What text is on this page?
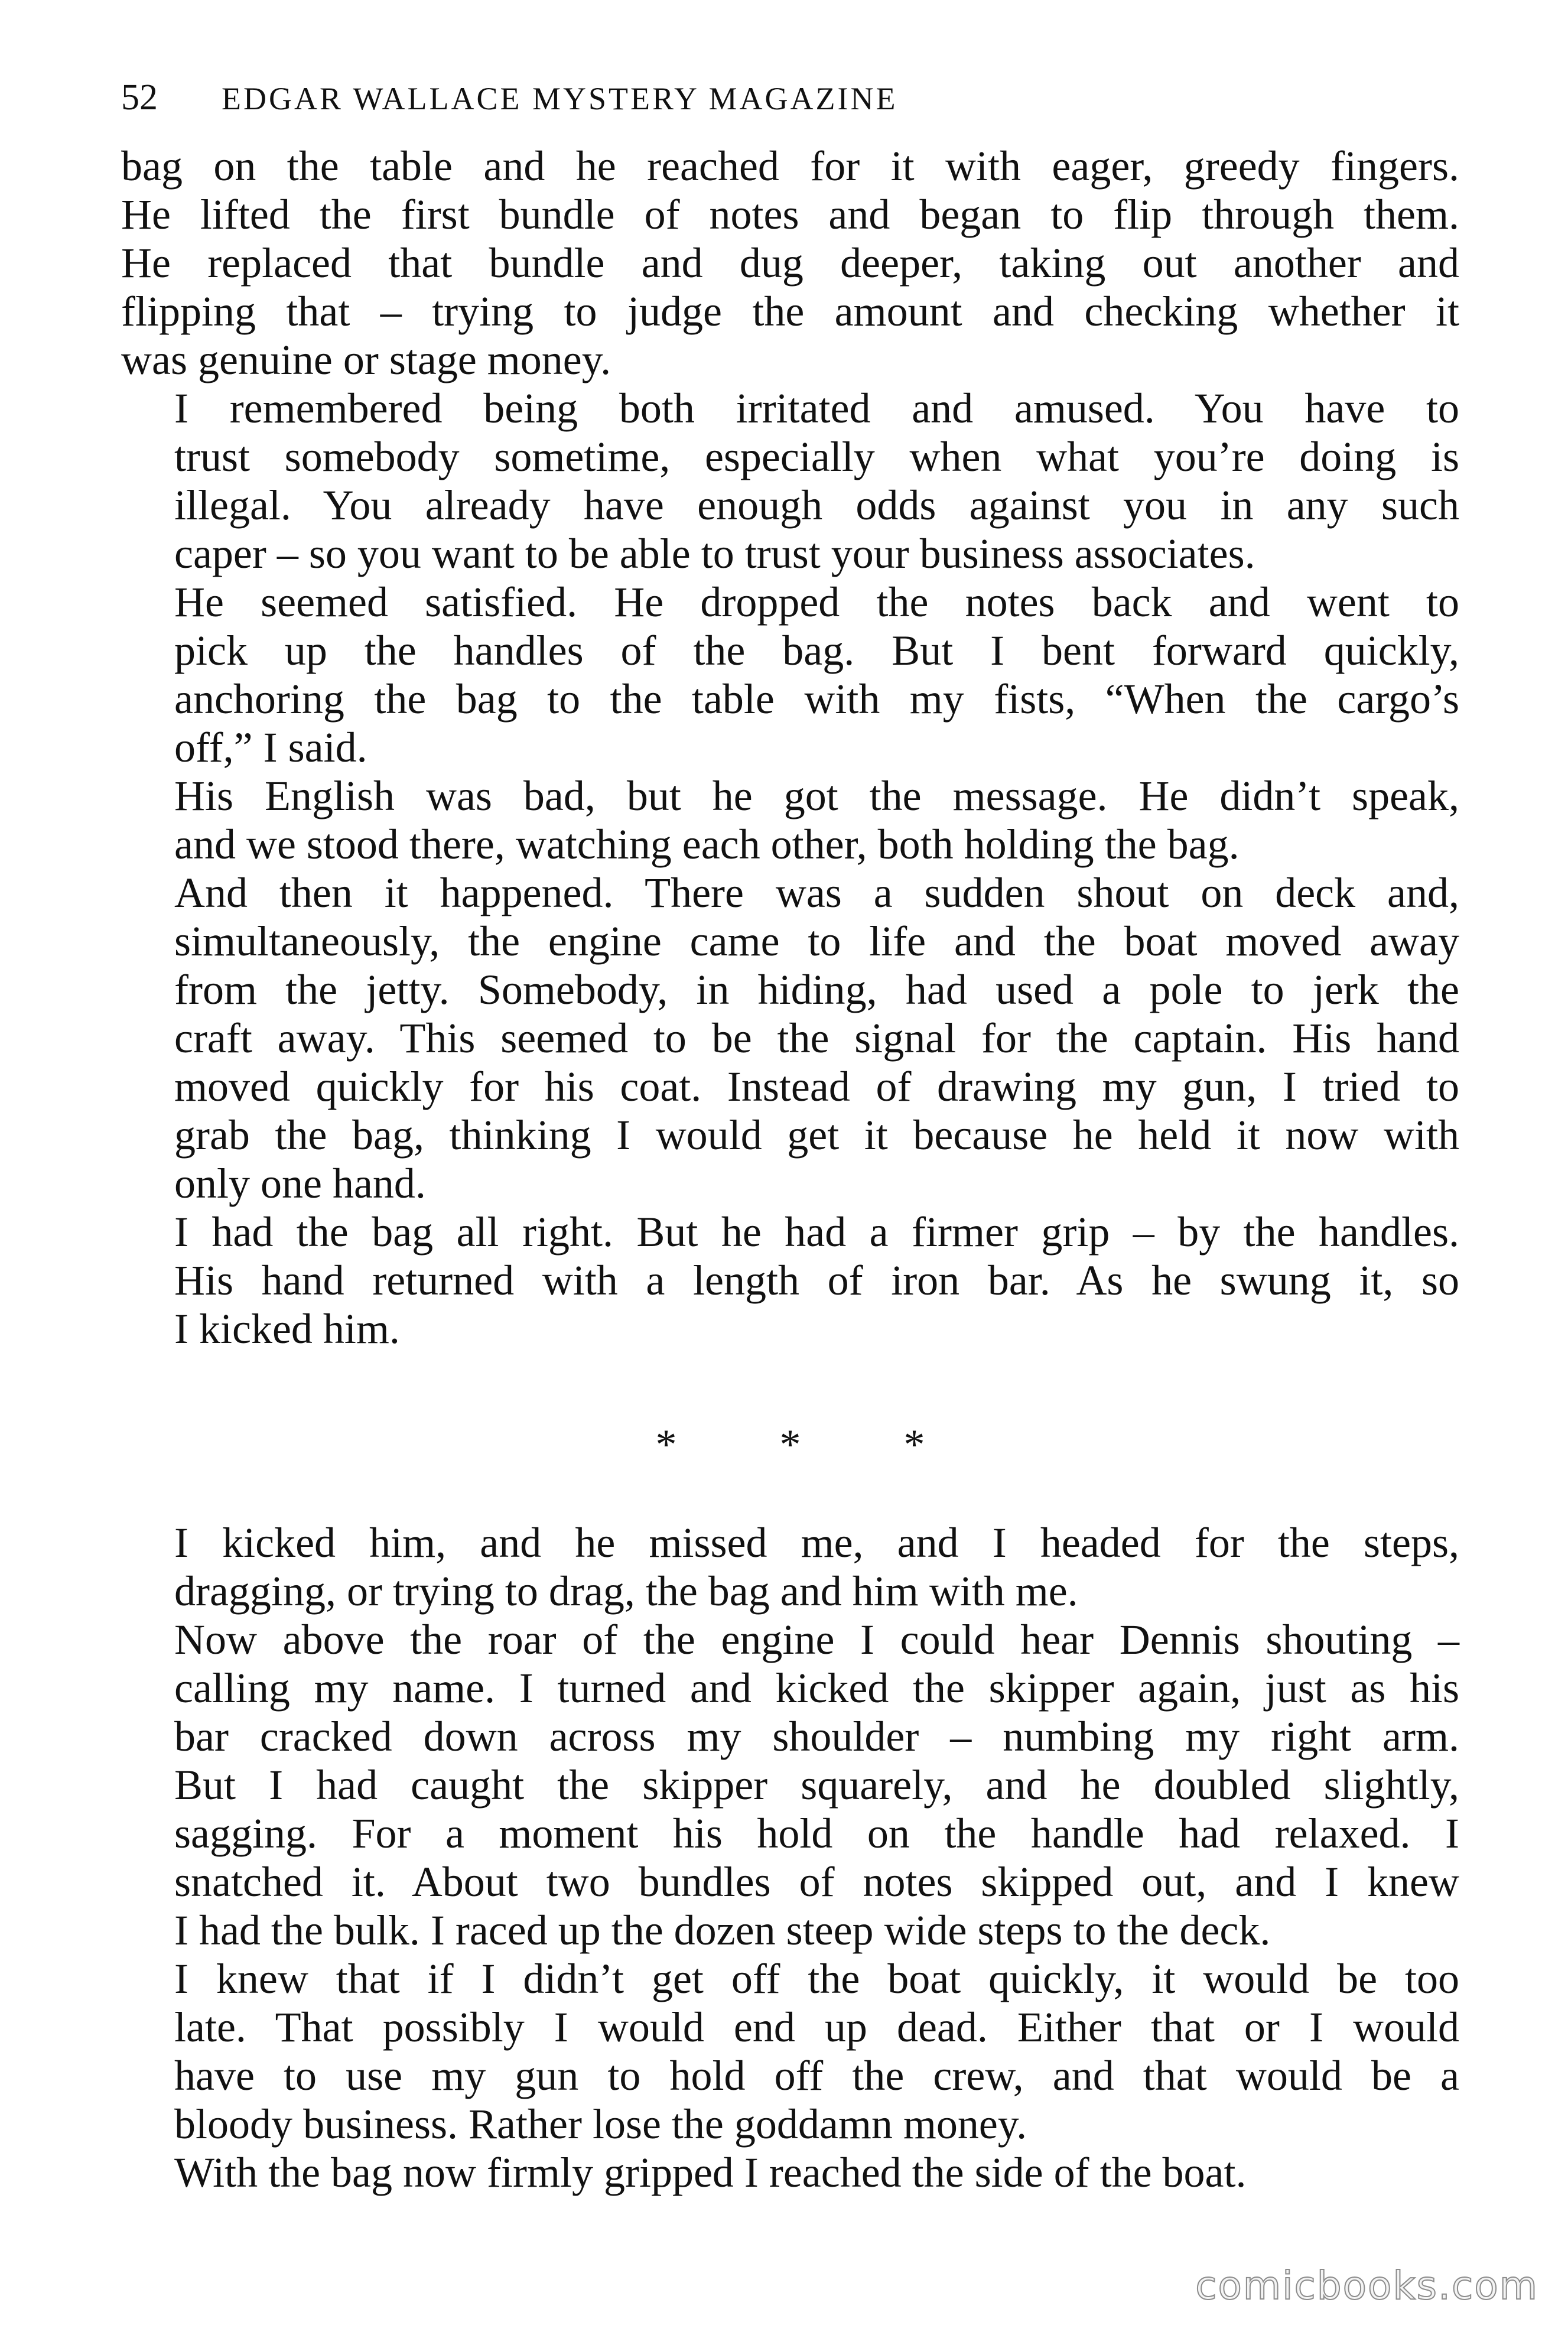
52	EDGAR WALLACE MYSTERY MAGAZINE

bag on the table and he reached for it with eager, greedy fingers.
He lifted the first bundle of notes and began to flip through them.
He replaced that bundle and dug deeper, taking out another and
flipping that – trying to judge the amount and checking whether it
was genuine or stage money.

I remembered being both irritated and amused. You have to
trust somebody sometime, especially when what you’re doing is
illegal. You already have enough odds against you in any such
caper – so you want to be able to trust your business associates.

He seemed satisfied. He dropped the notes back and went to
pick up the handles of the bag. But I bent forward quickly,
anchoring the bag to the table with my fists, “When the cargo’s
off,” I said.

His English was bad, but he got the message. He didn’t speak,
and we stood there, watching each other, both holding the bag.

And then it happened. There was a sudden shout on deck and,
simultaneously, the engine came to life and the boat moved away
from the jetty. Somebody, in hiding, had used a pole to jerk the
craft away. This seemed to be the signal for the captain. His hand
moved quickly for his coat. Instead of drawing my gun, I tried to
grab the bag, thinking I would get it because he held it now with
only one hand.

I had the bag all right. But he had a firmer grip – by the handles.
His hand returned with a length of iron bar. As he swung it, so
I kicked him.

* * *

I kicked him, and he missed me, and I headed for the steps,
dragging, or trying to drag, the bag and him with me.

Now above the roar of the engine I could hear Dennis shouting –
calling my name. I turned and kicked the skipper again, just as his
bar cracked down across my shoulder – numbing my right arm.
But I had caught the skipper squarely, and he doubled slightly,
sagging. For a moment his hold on the handle had relaxed. I
snatched it. About two bundles of notes skipped out, and I knew
I had the bulk. I raced up the dozen steep wide steps to the deck.

I knew that if I didn’t get off the boat quickly, it would be too
late. That possibly I would end up dead. Either that or I would
have to use my gun to hold off the crew, and that would be a
bloody business. Rather lose the goddamn money.

With the bag now firmly gripped I reached the side of the boat.

comicbooks.com
